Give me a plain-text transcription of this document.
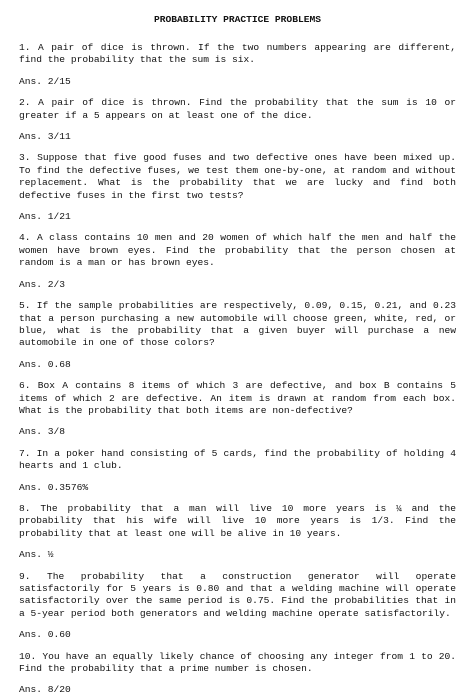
PROBABILITY PRACTICE PROBLEMS
1. A pair of dice is thrown. If the two numbers appearing are different, find the probability that the sum is six.
Ans. 2/15
2. A pair of dice is thrown. Find the probability that the sum is 10 or greater if a 5 appears on at least one of the dice.
Ans. 3/11
3. Suppose that five good fuses and two defective ones have been mixed up. To find the defective fuses, we test them one-by-one, at random and without replacement. What is the probability that we are lucky and find both defective fuses in the first two tests?
Ans. 1/21
4. A class contains 10 men and 20 women of which half the men and half the women have brown eyes. Find the probability that the person chosen at random is a man or has brown eyes.
Ans. 2/3
5. If the sample probabilities are respectively, 0.09, 0.15, 0.21, and 0.23 that a person purchasing a new automobile will choose green, white, red, or blue, what is the probability that a given buyer will purchase a new automobile in one of those colors?
Ans. 0.68
6. Box A contains 8 items of which 3 are defective, and box B contains 5 items of which 2 are defective. An item is drawn at random from each box. What is the probability that both items are non-defective?
Ans. 3/8
7. In a poker hand consisting of 5 cards, find the probability of holding 4 hearts and 1 club.
Ans. 0.3576%
8. The probability that a man will live 10 more years is ¼ and the probability that his wife will live 10 more years is 1/3. Find the probability that at least one will be alive in 10 years.
Ans. ½
9. The probability that a construction generator will operate satisfactorily for 5 years is 0.80 and that a welding machine will operate satisfactorily over the same period is 0.75. Find the probabilities that in a 5-year period both generators and welding machine operate satisfactorily.
Ans. 0.60
10. You have an equally likely chance of choosing any integer from 1 to 20. Find the probability that a prime number is chosen.
Ans. 8/20
